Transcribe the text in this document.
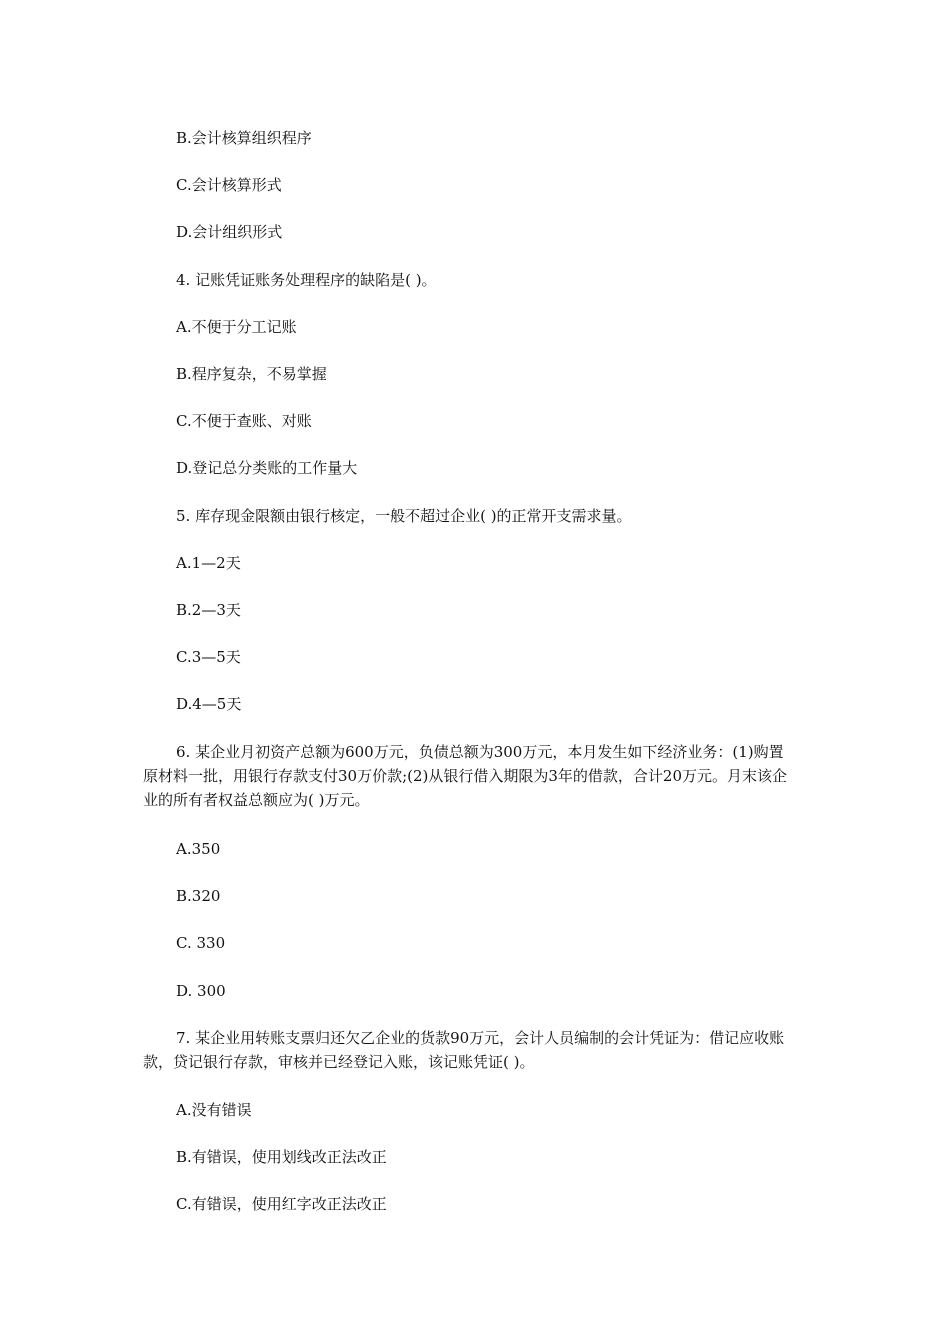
B.会计核算组织程序
C.会计核算形式
D.会计组织形式
4. 记账凭证账务处理程序的缺陷是( )。
A.不便于分工记账
B.程序复杂，不易掌握
C.不便于查账、对账
D.登记总分类账的工作量大
5. 库存现金限额由银行核定，一般不超过企业( )的正常开支需求量。
A.1—2天
B.2—3天
C.3—5天
D.4—5天
6. 某企业月初资产总额为600万元，负债总额为300万元，本月发生如下经济业务：(1)购置原材料一批，用银行存款支付30万价款;(2)从银行借入期限为3年的借款，合计20万元。月末该企业的所有者权益总额应为( )万元。
A.350
B.320
C. 330
D. 300
7. 某企业用转账支票归还欠乙企业的货款90万元，会计人员编制的会计凭证为：借记应收账款，贷记银行存款，审核并已经登记入账，该记账凭证( )。
A.没有错误
B.有错误，使用划线改正法改正
C.有错误，使用红字改正法改正
